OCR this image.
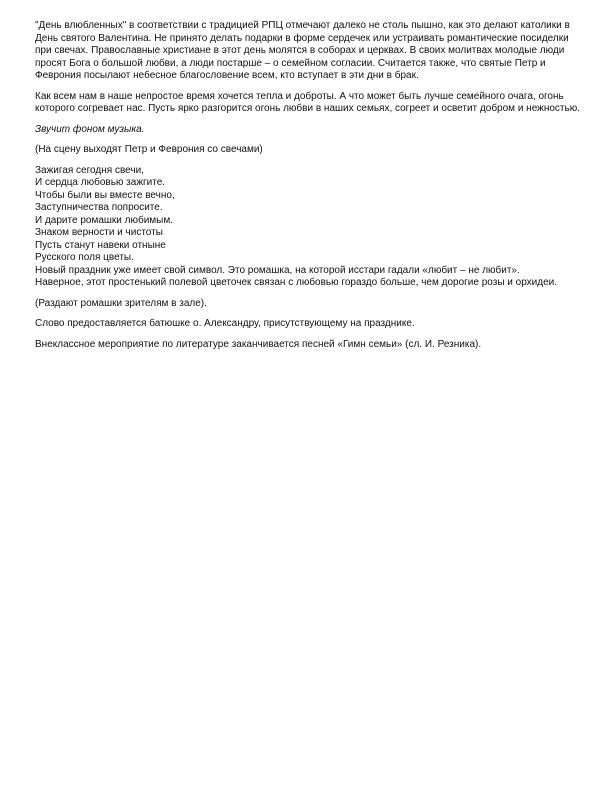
"День влюбленных" в соответствии с традицией РПЦ отмечают далеко не столь пышно, как это делают католики в День святого Валентина. Не принято делать подарки в форме сердечек или устраивать романтические посиделки при свечах. Православные христиане в этот день молятся в соборах и церквах. В своих молитвах молодые люди просят Бога о большой любви, а люди постарше – о семейном согласии. Считается также, что святые Петр и Феврония посылают небесное благословение всем, кто вступает в эти дни в брак.

Как всем нам в наше непростое время хочется тепла и доброты. А что может быть лучше семейного очага, огонь которого согревает нас. Пусть ярко разгорится огонь любви в наших семьях, согреет и осветит добром и нежностью.

Звучит фоном музыка.

(На сцену выходят Петр и Феврония со свечами)

Зажигая сегодня свечи,
И сердца любовью зажгите.
Чтобы были вы вместе вечно,
Заступничества попросите.
И дарите ромашки любимым.
Знаком верности и чистоты
Пусть станут навеки отныне
Русского поля цветы.
Новый праздник уже имеет свой символ. Это ромашка, на которой исстари гадали «любит – не любит».
Наверное, этот простенький полевой цветочек связан с любовью гораздо больше, чем дорогие розы и орхидеи.

(Раздают ромашки зрителям в зале).

Слово предоставляется батюшке о. Александру, присутствующему на празднике.

Внеклассное мероприятие по литературе заканчивается песней «Гимн семьи» (сл. И. Резника).
